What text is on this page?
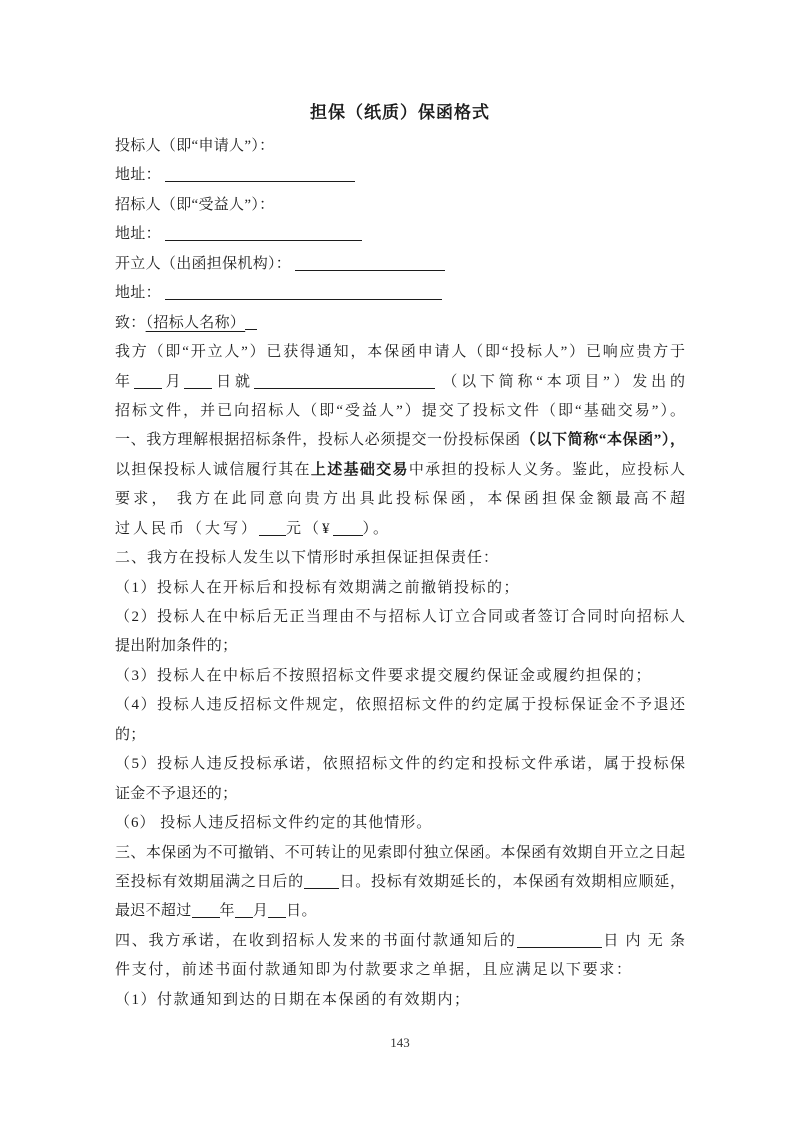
担保（纸质）保函格式
投标人（即“申请人”）：
地址：
招标人（即“受益人”）：
地址：
开立人（出函担保机构）：
地址：
致：（招标人名称）
我方（即“开立人”）已获得通知，本保函申请人（即“投标人”）已响应贵方于
年 月 日就	（以下简称“本项目”）发出的
招标文件，并已向招标人（即“受益人”）提交了投标文件（即“基础交易”）。
一、我方理解根据招标条件，投标人必须提交一份投标保函（以下简称“本保函”），
以担保投标人诚信履行其在上述基础交易中承担的投标人义务。鉴此，应投标人
要求， 我方在此同意向贵方出具此投标保函，本保函担保金额最高不超
过人民币（大写） 元（¥ ）。
二、我方在投标人发生以下情形时承担保证担保责任：
（1）投标人在开标后和投标有效期满之前撤销投标的；
（2）投标人在中标后无正当理由不与招标人订立合同或者签订合同时向招标人
提出附加条件的；
（3）投标人在中标后不按照招标文件要求提交履约保证金或履约担保的；
（4）投标人违反招标文件规定，依照招标文件的约定属于投标保证金不予退还
的；
（5）投标人违反投标承诺，依照招标文件的约定和投标文件承诺，属于投标保
证金不予退还的；
（6） 投标人违反招标文件约定的其他情形。
三、本保函为不可撤销、不可转让的见索即付独立保函。本保函有效期自开立之日起
至投标有效期届满之日后的 日。投标有效期延长的，本保函有效期相应顺延，
最迟不超过 年 月 日。
四、我方承诺，在收到招标人发来的书面付款通知后的	日 内 无 条
件支付，前述书面付款通知即为付款要求之单据，且应满足以下要求：
（1）付款通知到达的日期在本保函的有效期内；
143
